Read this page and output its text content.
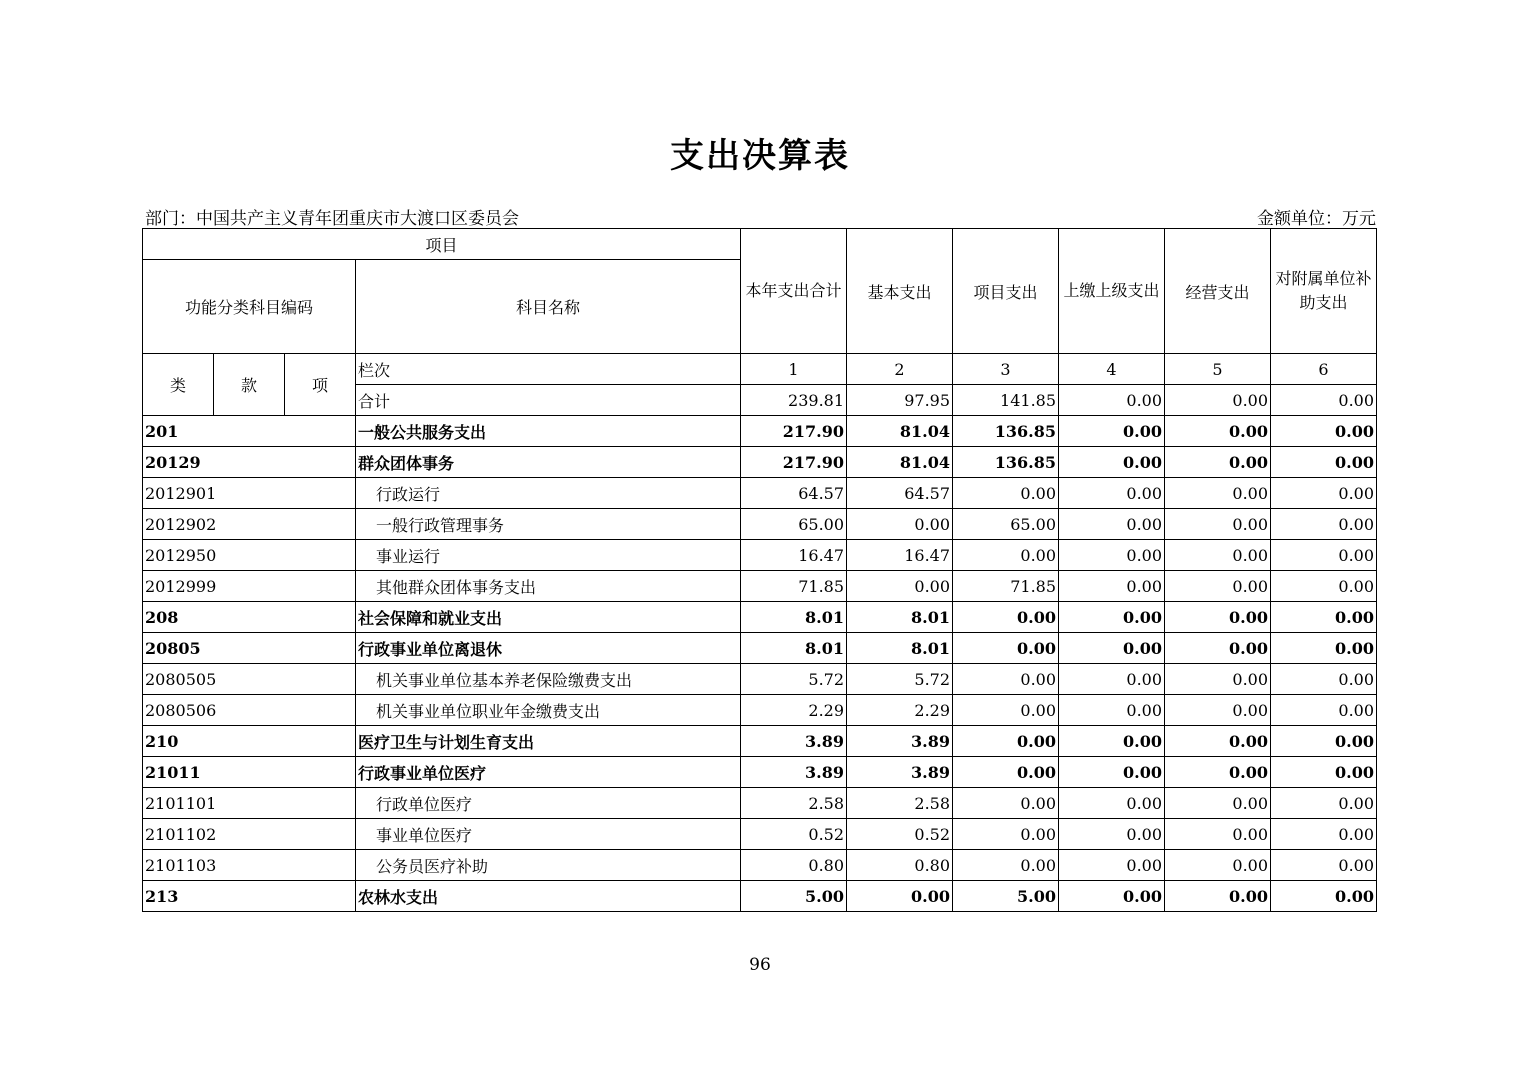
支出决算表
部门：中国共产主义青年团重庆市大渡口区委员会	金额单位：万元
项目				本年支出合计	基本支出	项目支出	上缴上级支出	经营支出	对附属单位补助支出
功能分类科目编码			科目名称						
类	款	项	栏次	1	2	3	4	5	6
			合计	239.81	97.95	141.85	0.00	0.00	0.00
201			一般公共服务支出	217.90	81.04	136.85	0.00	0.00	0.00
20129			群众团体事务	217.90	81.04	136.85	0.00	0.00	0.00
2012901			行政运行	64.57	64.57	0.00	0.00	0.00	0.00
2012902			一般行政管理事务	65.00	0.00	65.00	0.00	0.00	0.00
2012950			事业运行	16.47	16.47	0.00	0.00	0.00	0.00
2012999			其他群众团体事务支出	71.85	0.00	71.85	0.00	0.00	0.00
208			社会保障和就业支出	8.01	8.01	0.00	0.00	0.00	0.00
20805			行政事业单位离退休	8.01	8.01	0.00	0.00	0.00	0.00
2080505			机关事业单位基本养老保险缴费支出	5.72	5.72	0.00	0.00	0.00	0.00
2080506			机关事业单位职业年金缴费支出	2.29	2.29	0.00	0.00	0.00	0.00
210			医疗卫生与计划生育支出	3.89	3.89	0.00	0.00	0.00	0.00
21011			行政事业单位医疗	3.89	3.89	0.00	0.00	0.00	0.00
2101101			行政单位医疗	2.58	2.58	0.00	0.00	0.00	0.00
2101102			事业单位医疗	0.52	0.52	0.00	0.00	0.00	0.00
2101103			公务员医疗补助	0.80	0.80	0.00	0.00	0.00	0.00
213			农林水支出	5.00	0.00	5.00	0.00	0.00	0.00
96
